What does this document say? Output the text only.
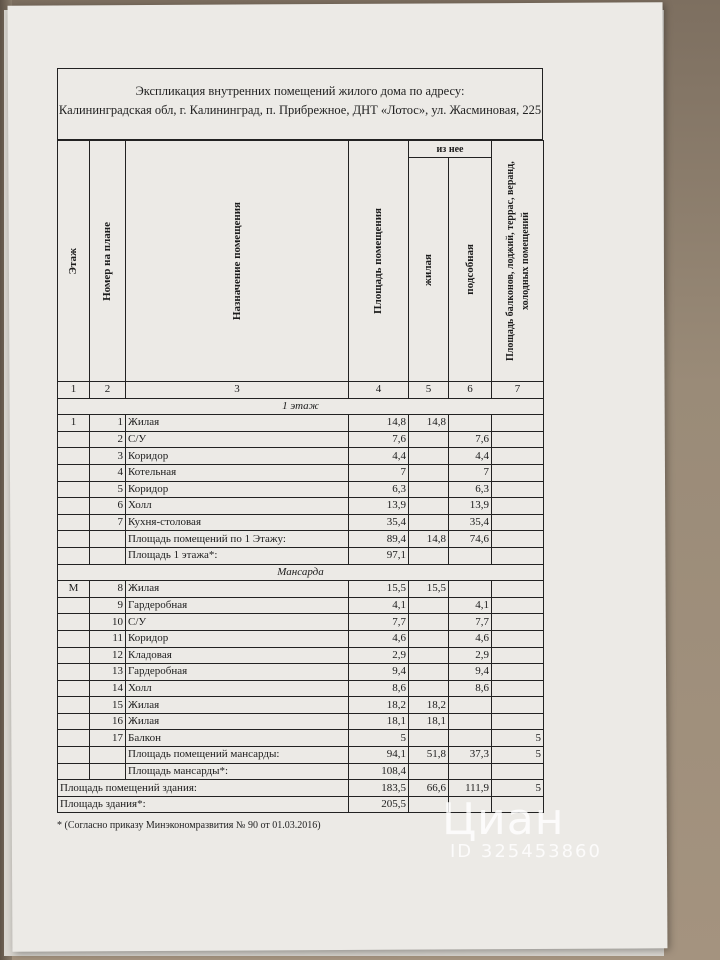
Экспликация внутренних помещений жилого дома по адресу:
Калининградская обл, г. Калининград, п. Прибрежное, ДНТ «Лотос», ул. Жасминовая, 225
Этаж	Номер на плане	Назначение помещения	Площадь помещения	из нее		Площадь балконов, лоджий, террас, веранд, холодных помещений

				жилая	подсобная	

1	2	3	4	5	6	7
1 этаж						
1	1	Жилая	14,8	14,8		
	2	С/У	7,6		7,6	
	3	Коридор	4,4		4,4	
	4	Котельная	7		7	
	5	Коридор	6,3		6,3	
	6	Холл	13,9		13,9	
	7	Кухня-столовая	35,4		35,4	
		Площадь помещений по 1 Этажу:	89,4	14,8	74,6	
		Площадь 1 этажа*:	97,1			
Мансарда						
М	8	Жилая	15,5	15,5		
	9	Гардеробная	4,1		4,1	
	10	С/У	7,7		7,7	
	11	Коридор	4,6		4,6	
	12	Кладовая	2,9		2,9	
	13	Гардеробная	9,4		9,4	
	14	Холл	8,6		8,6	
	15	Жилая	18,2	18,2		
	16	Жилая	18,1	18,1		
	17	Балкон	5			5
		Площадь помещений мансарды:	94,1	51,8	37,3	5
		Площадь мансарды*:	108,4			
Площадь помещений здания:			183,5	66,6	111,9	5
Площадь здания*:			205,5			
* (Согласно приказу Минэкономразвития № 90 от 01.03.2016)	Циан
ID 325453860
